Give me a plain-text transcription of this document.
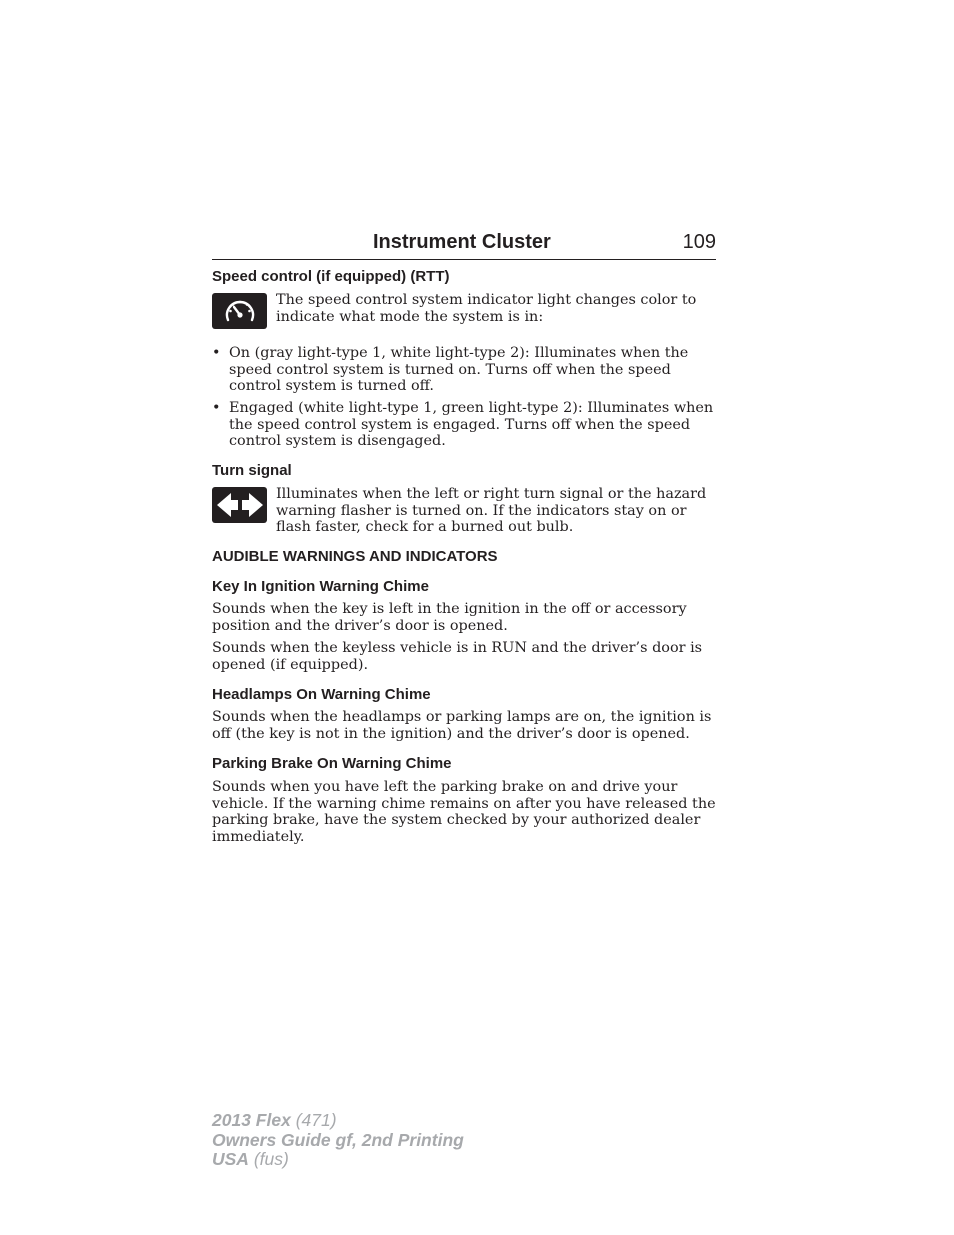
Instrument Cluster	109
Speed control (if equipped) (RTT)
The speed control system indicator light changes color to indicate what mode the system is in:
• On (gray light-type 1, white light-type 2): Illuminates when the speed control system is turned on. Turns off when the speed control system is turned off.
• Engaged (white light-type 1, green light-type 2): Illuminates when the speed control system is engaged. Turns off when the speed control system is disengaged.
Turn signal
Illuminates when the left or right turn signal or the hazard warning flasher is turned on. If the indicators stay on or flash faster, check for a burned out bulb.
AUDIBLE WARNINGS AND INDICATORS
Key In Ignition Warning Chime
Sounds when the key is left in the ignition in the off or accessory position and the driver’s door is opened.
Sounds when the keyless vehicle is in RUN and the driver’s door is opened (if equipped).
Headlamps On Warning Chime
Sounds when the headlamps or parking lamps are on, the ignition is off (the key is not in the ignition) and the driver’s door is opened.
Parking Brake On Warning Chime
Sounds when you have left the parking brake on and drive your vehicle. If the warning chime remains on after you have released the parking brake, have the system checked by your authorized dealer immediately.
2013 Flex (471)
Owners Guide gf, 2nd Printing
USA (fus)
